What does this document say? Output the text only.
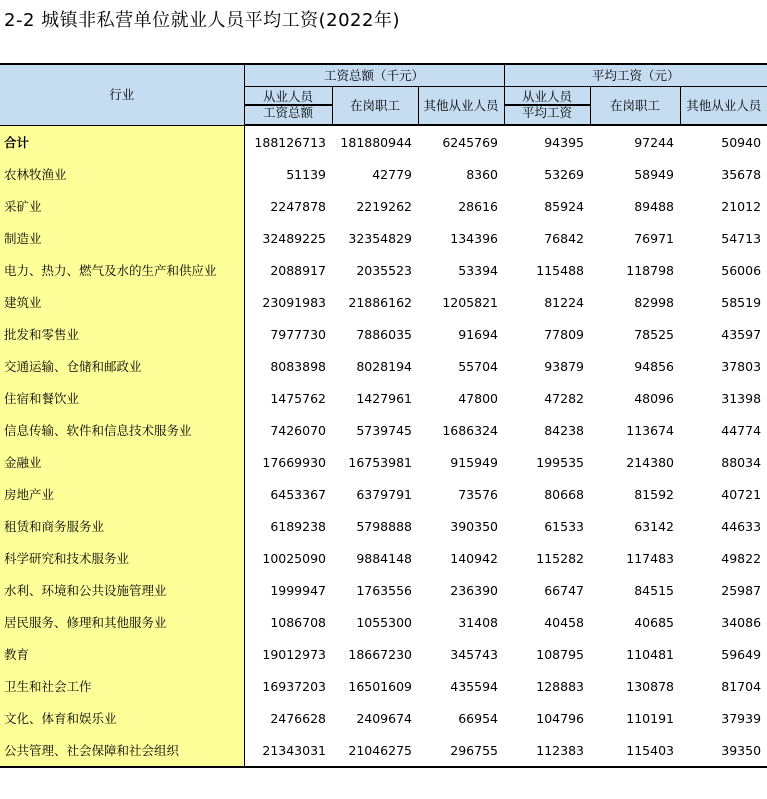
2-2 城镇非私营单位就业人员平均工资(2022年)
行业	工资总额（千元）			平均工资（元）		
	从业人员	在岗职工	其他从业人员	从业人员	在岗职工	其他从业人员
	工资总额			平均工资		
合计	188126713	181880944	6245769	94395	97244	50940
农林牧渔业	51139	42779	8360	53269	58949	35678
采矿业	2247878	2219262	28616	85924	89488	21012
制造业	32489225	32354829	134396	76842	76971	54713
电力、热力、燃气及水的生产和供应业	2088917	2035523	53394	115488	118798	56006
建筑业	23091983	21886162	1205821	81224	82998	58519
批发和零售业	7977730	7886035	91694	77809	78525	43597
交通运输、仓储和邮政业	8083898	8028194	55704	93879	94856	37803
住宿和餐饮业	1475762	1427961	47800	47282	48096	31398
信息传输、软件和信息技术服务业	7426070	5739745	1686324	84238	113674	44774
金融业	17669930	16753981	915949	199535	214380	88034
房地产业	6453367	6379791	73576	80668	81592	40721
租赁和商务服务业	6189238	5798888	390350	61533	63142	44633
科学研究和技术服务业	10025090	9884148	140942	115282	117483	49822
水利、环境和公共设施管理业	1999947	1763556	236390	66747	84515	25987
居民服务、修理和其他服务业	1086708	1055300	31408	40458	40685	34086
教育	19012973	18667230	345743	108795	110481	59649
卫生和社会工作	16937203	16501609	435594	128883	130878	81704
文化、体育和娱乐业	2476628	2409674	66954	104796	110191	37939
公共管理、社会保障和社会组织	21343031	21046275	296755	112383	115403	39350
